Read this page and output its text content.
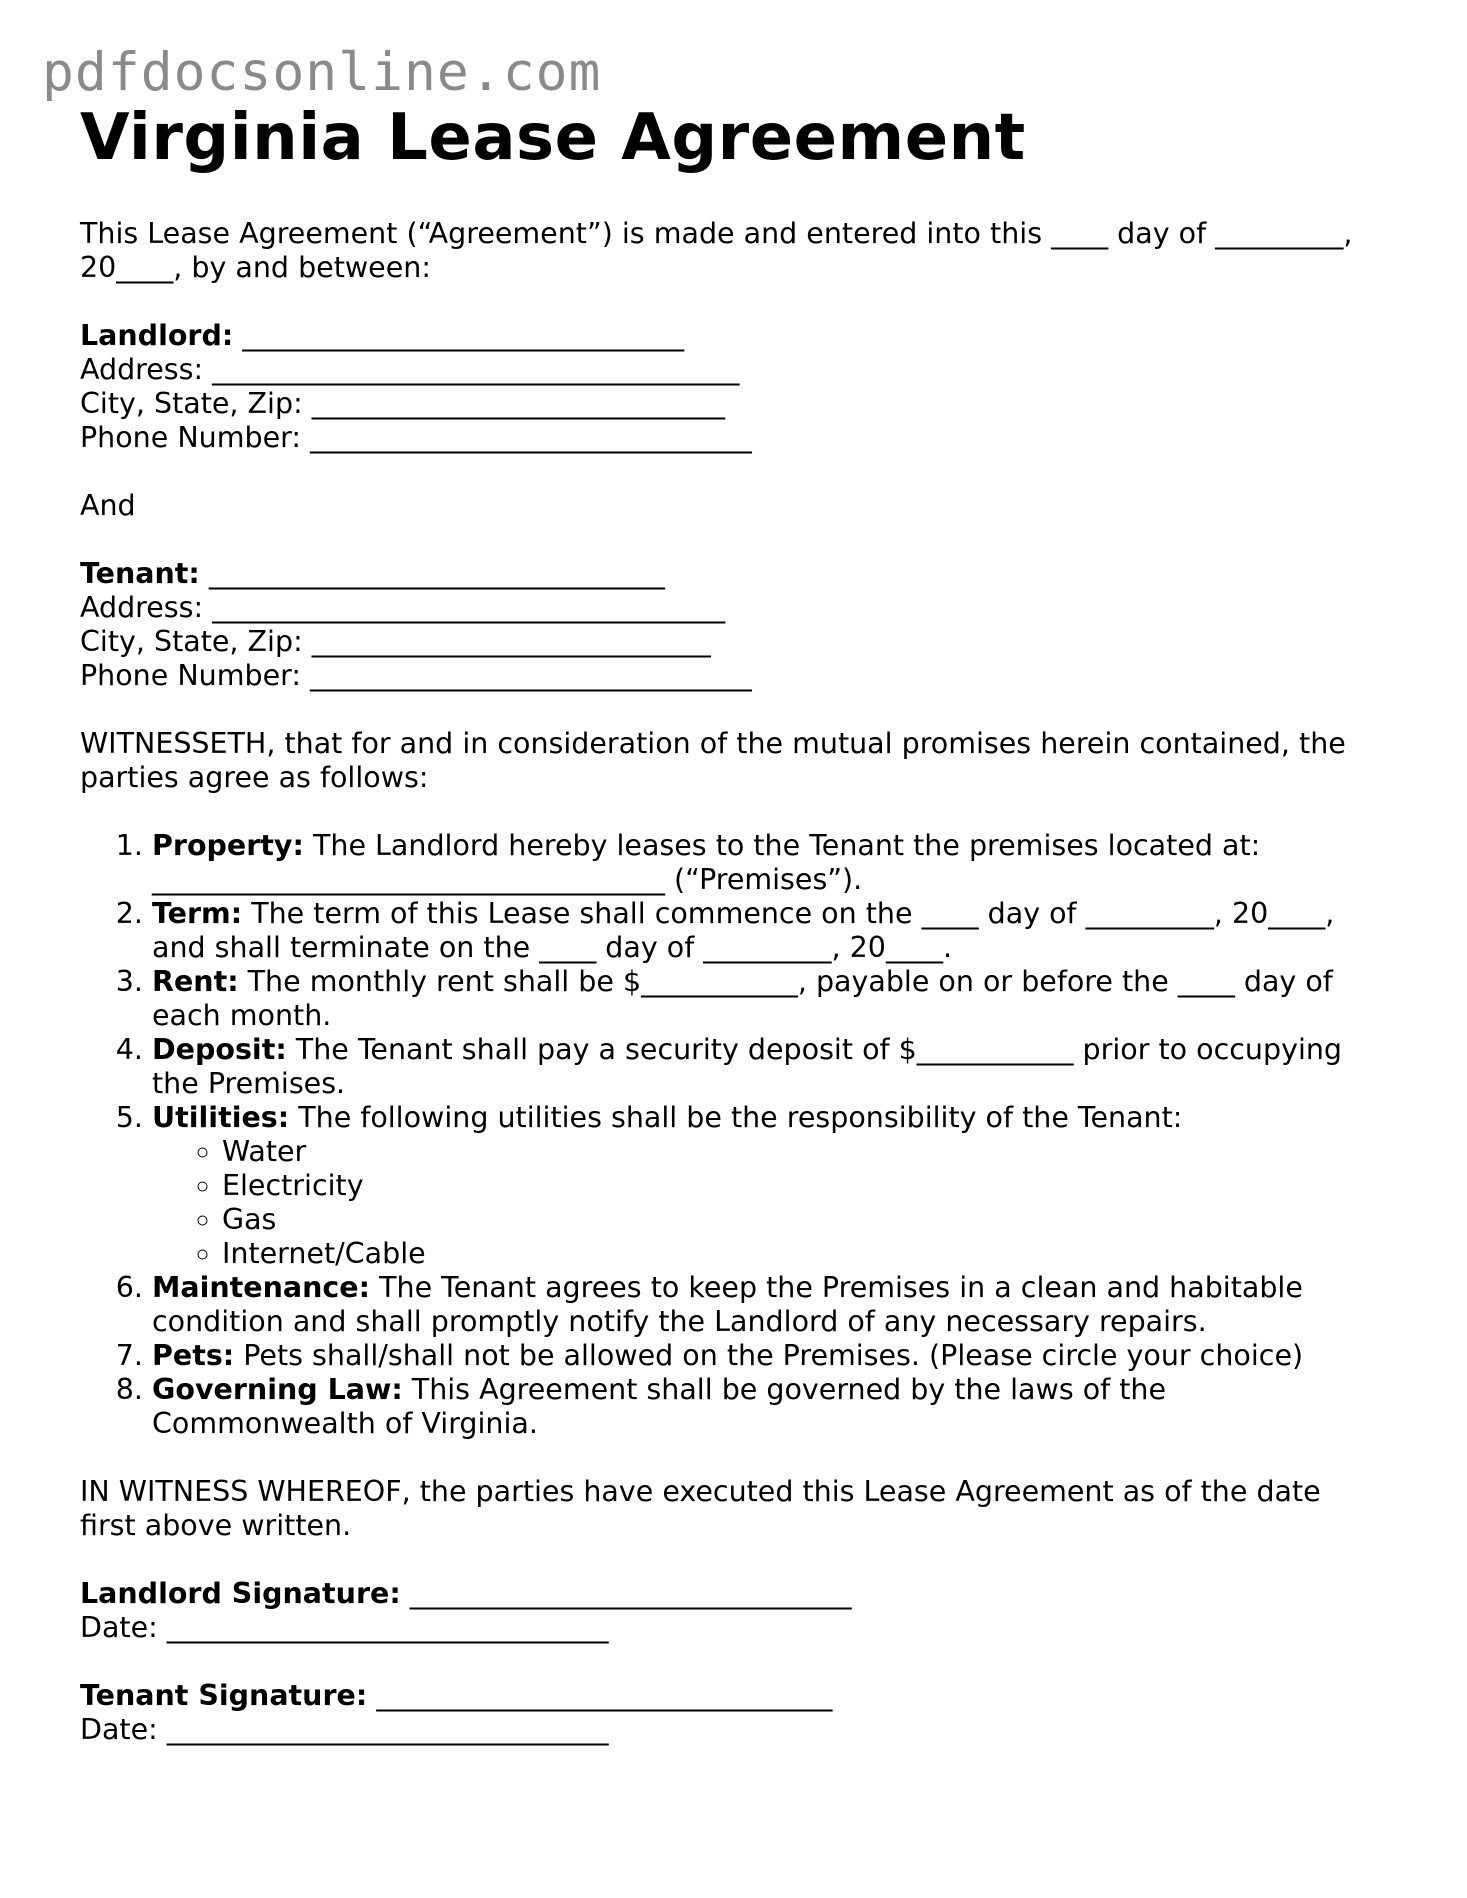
pdfdocsonline.com
Virginia Lease Agreement

This Lease Agreement (“Agreement”) is made and entered into this ____ day of _________,
20____, by and between:

Landlord: _______________________________
Address: _____________________________________
City, State, Zip: _____________________________
Phone Number: _______________________________

And

Tenant: ________________________________
Address: ____________________________________
City, State, Zip: ____________________________
Phone Number: _______________________________

WITNESSETH, that for and in consideration of the mutual promises herein contained, the
parties agree as follows:

1. Property: The Landlord hereby leases to the Tenant the premises located at:
____________________________________ (“Premises”).
2. Term: The term of this Lease shall commence on the ____ day of _________, 20____,
and shall terminate on the ____ day of _________, 20____.
3. Rent: The monthly rent shall be $___________, payable on or before the ____ day of
each month.
4. Deposit: The Tenant shall pay a security deposit of $___________ prior to occupying
the Premises.
5. Utilities: The following utilities shall be the responsibility of the Tenant:
◦ Water
◦ Electricity
◦ Gas
◦ Internet/Cable
6. Maintenance: The Tenant agrees to keep the Premises in a clean and habitable
condition and shall promptly notify the Landlord of any necessary repairs.
7. Pets: Pets shall/shall not be allowed on the Premises. (Please circle your choice)
8. Governing Law: This Agreement shall be governed by the laws of the
Commonwealth of Virginia.

IN WITNESS WHEREOF, the parties have executed this Lease Agreement as of the date
first above written.

Landlord Signature: _______________________________
Date: _______________________________
Tenant Signature: ________________________________
Date: _______________________________
